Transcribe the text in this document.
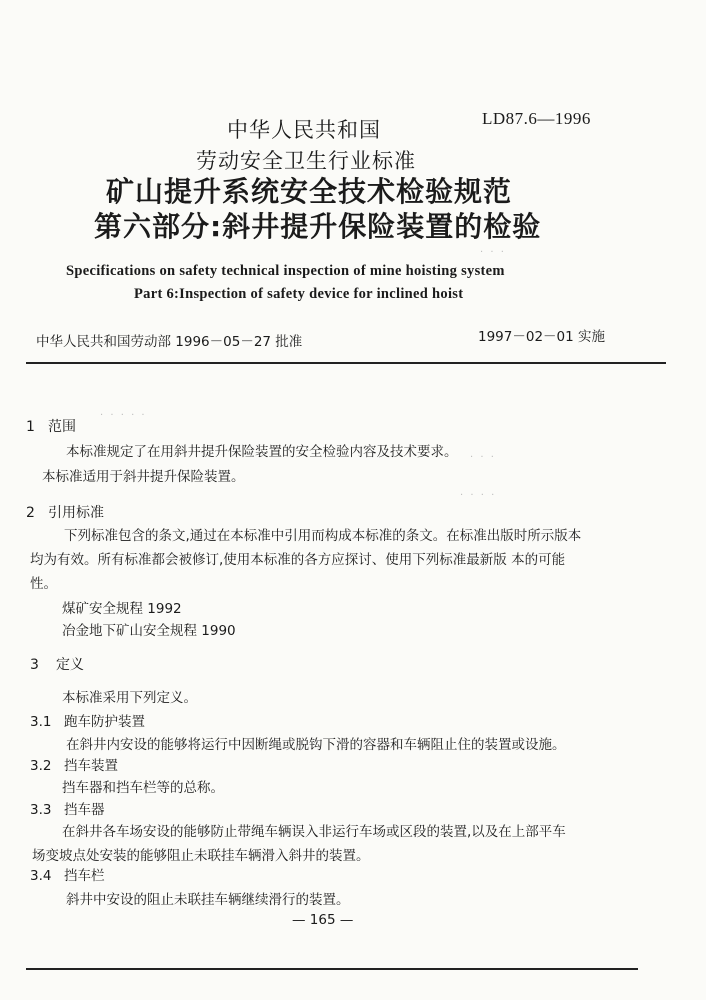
LD87.6—1996
中华人民共和国
劳动安全卫生行业标准
矿山提升系统安全技术检验规范
第六部分:斜井提升保险装置的检验
Specifications on safety technical inspection of mine hoisting system
Part 6:Inspection of safety device for inclined hoist
中华人民共和国劳动部 1996－05－27 批准	1997－02－01 实施
· · · · ·
· · ·
· · · ·
· · ·
1 范围
本标准规定了在用斜井提升保险装置的安全检验内容及技术要求。
本标准适用于斜井提升保险装置。
2 引用标准
下列标准包含的条文,通过在本标准中引用而构成本标准的条文。在标准出版时所示版本
均为有效。所有标准都会被修订,使用本标准的各方应探讨、使用下列标准最新版 本的可能
性。
煤矿安全规程 1992
冶金地下矿山安全规程 1990
3 定义
本标准采用下列定义。
3.1 跑车防护装置
在斜井内安设的能够将运行中因断绳或脱钩下滑的容器和车辆阻止住的装置或设施。
3.2 挡车装置
挡车器和挡车栏等的总称。
3.3 挡车器
在斜井各车场安设的能够防止带绳车辆误入非运行车场或区段的装置,以及在上部平车
场变坡点处安装的能够阻止未联挂车辆滑入斜井的装置。
3.4 挡车栏
斜井中安设的阻止未联挂车辆继续滑行的装置。
— 165 —
